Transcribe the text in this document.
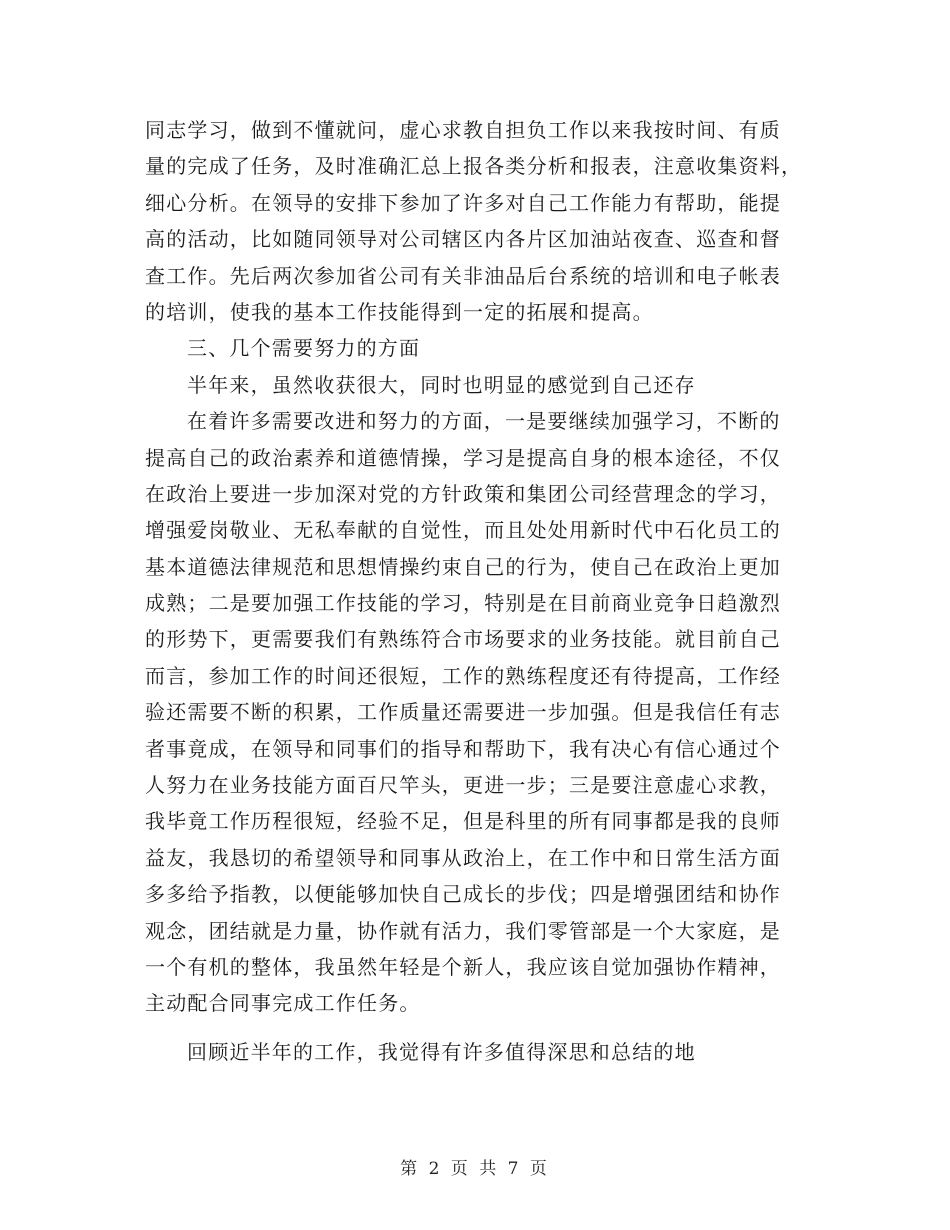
同志学习，做到不懂就问，虚心求教自担负工作以来我按时间、有质
量的完成了任务，及时准确汇总上报各类分析和报表，注意收集资料，
细心分析。在领导的安排下参加了许多对自己工作能力有帮助，能提
高的活动，比如随同领导对公司辖区内各片区加油站夜查、巡查和督
查工作。先后两次参加省公司有关非油品后台系统的培训和电子帐表
的培训，使我的基本工作技能得到一定的拓展和提高。
三、几个需要努力的方面
半年来，虽然收获很大，同时也明显的感觉到自己还存
在着许多需要改进和努力的方面，一是要继续加强学习，不断的
提高自己的政治素养和道德情操，学习是提高自身的根本途径，不仅
在政治上要进一步加深对党的方针政策和集团公司经营理念的学习，
增强爱岗敬业、无私奉献的自觉性，而且处处用新时代中石化员工的
基本道德法律规范和思想情操约束自己的行为，使自己在政治上更加
成熟；二是要加强工作技能的学习，特别是在目前商业竞争日趋激烈
的形势下，更需要我们有熟练符合市场要求的业务技能。就目前自己
而言，参加工作的时间还很短，工作的熟练程度还有待提高，工作经
验还需要不断的积累，工作质量还需要进一步加强。但是我信任有志
者事竟成，在领导和同事们的指导和帮助下，我有决心有信心通过个
人努力在业务技能方面百尺竿头，更进一步；三是要注意虚心求教，
我毕竟工作历程很短，经验不足，但是科里的所有同事都是我的良师
益友，我恳切的希望领导和同事从政治上，在工作中和日常生活方面
多多给予指教，以便能够加快自己成长的步伐；四是增强团结和协作
观念，团结就是力量，协作就有活力，我们零管部是一个大家庭，是
一个有机的整体，我虽然年轻是个新人，我应该自觉加强协作精神，
主动配合同事完成工作任务。
回顾近半年的工作，我觉得有许多值得深思和总结的地
第 2 页 共 7 页
